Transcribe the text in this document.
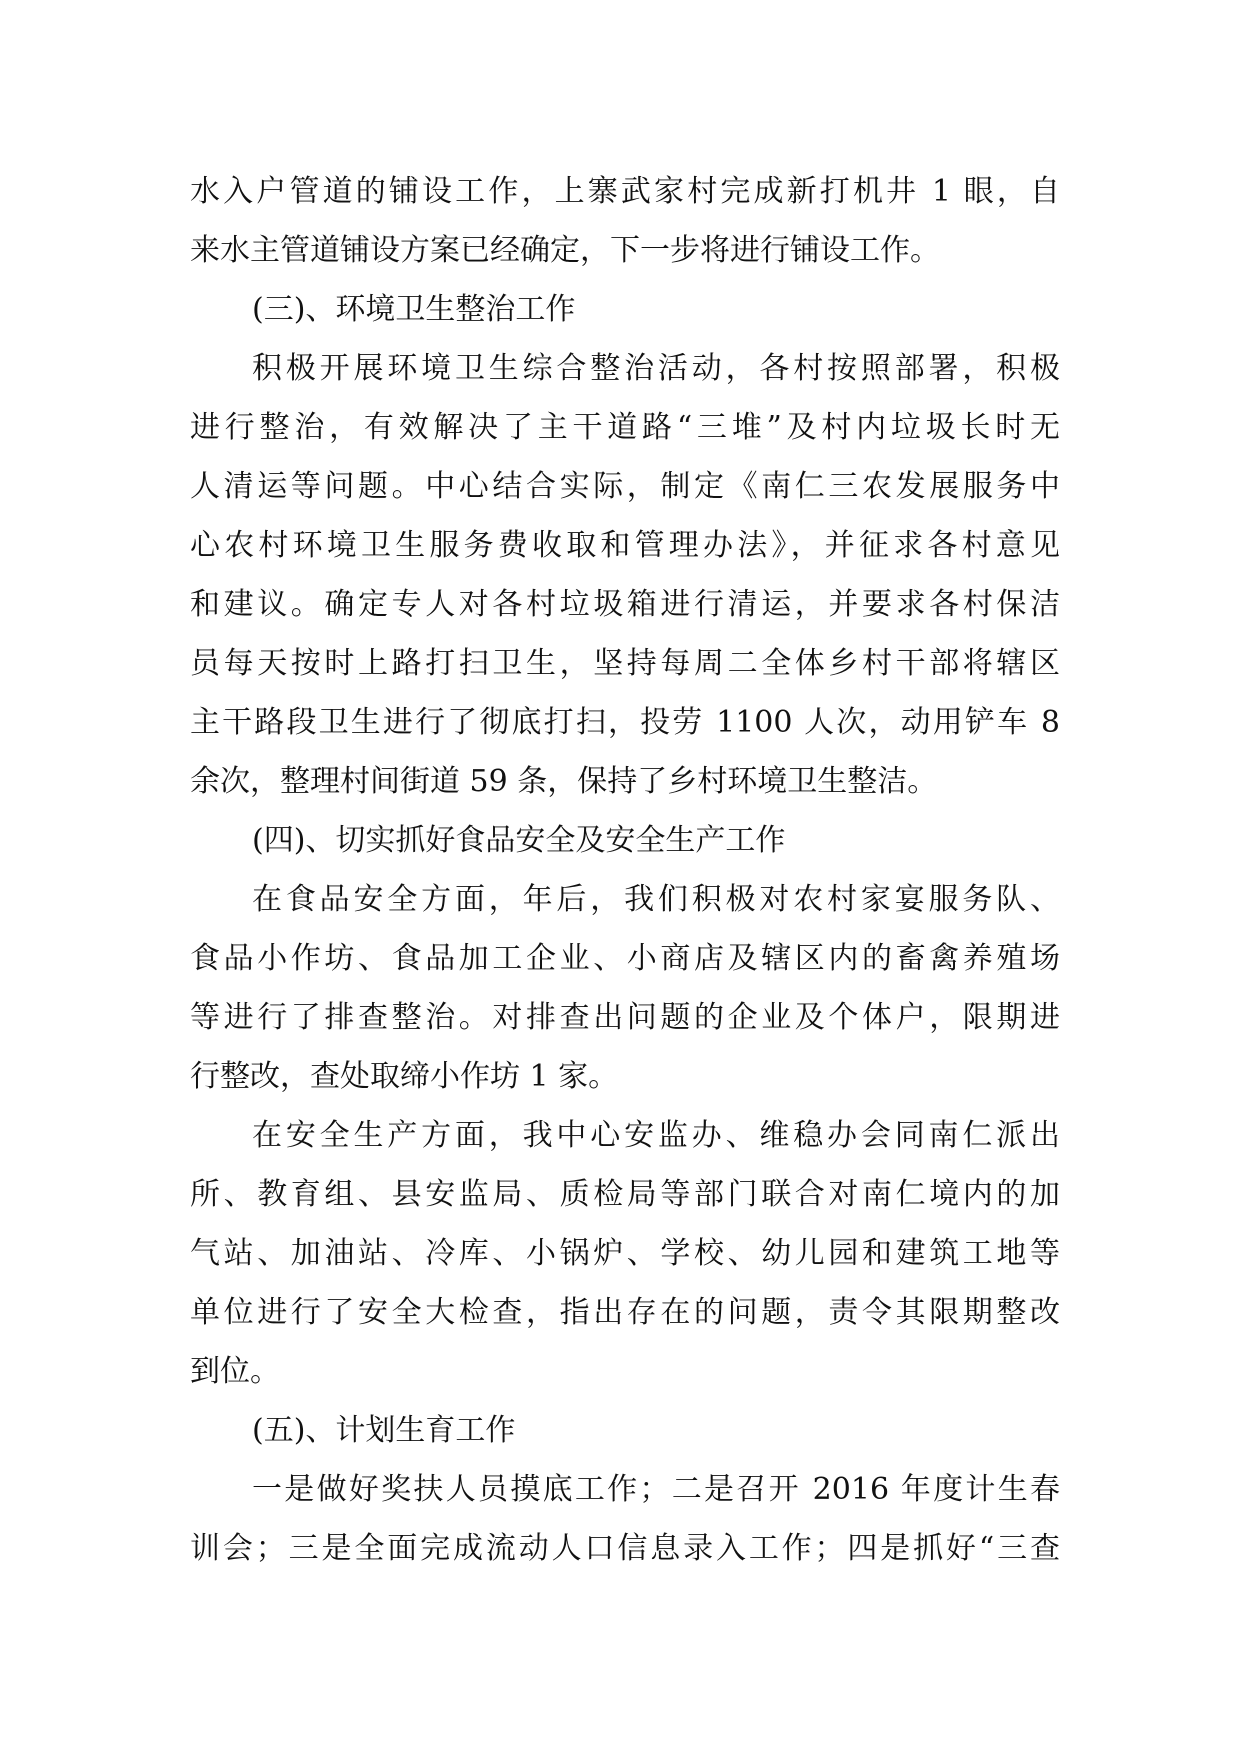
水入户管道的铺设工作，上寨武家村完成新打机井 1 眼，自
来水主管道铺设方案已经确定，下一步将进行铺设工作。
(三)、环境卫生整治工作
积极开展环境卫生综合整治活动，各村按照部署，积极
进行整治，有效解决了主干道路“三堆”及村内垃圾长时无
人清运等问题。中心结合实际，制定《南仁三农发展服务中
心农村环境卫生服务费收取和管理办法》，并征求各村意见
和建议。确定专人对各村垃圾箱进行清运，并要求各村保洁
员每天按时上路打扫卫生，坚持每周二全体乡村干部将辖区
主干路段卫生进行了彻底打扫，投劳 1100 人次，动用铲车 8
余次，整理村间街道 59 条，保持了乡村环境卫生整洁。
(四)、切实抓好食品安全及安全生产工作
在食品安全方面，年后，我们积极对农村家宴服务队、
食品小作坊、食品加工企业、小商店及辖区内的畜禽养殖场
等进行了排查整治。对排查出问题的企业及个体户，限期进
行整改，查处取缔小作坊 1 家。
在安全生产方面，我中心安监办、维稳办会同南仁派出
所、教育组、县安监局、质检局等部门联合对南仁境内的加
气站、加油站、冷库、小锅炉、学校、幼儿园和建筑工地等
单位进行了安全大检查，指出存在的问题，责令其限期整改
到位。
(五)、计划生育工作
一是做好奖扶人员摸底工作；二是召开 2016 年度计生春
训会；三是全面完成流动人口信息录入工作；四是抓好“三查
